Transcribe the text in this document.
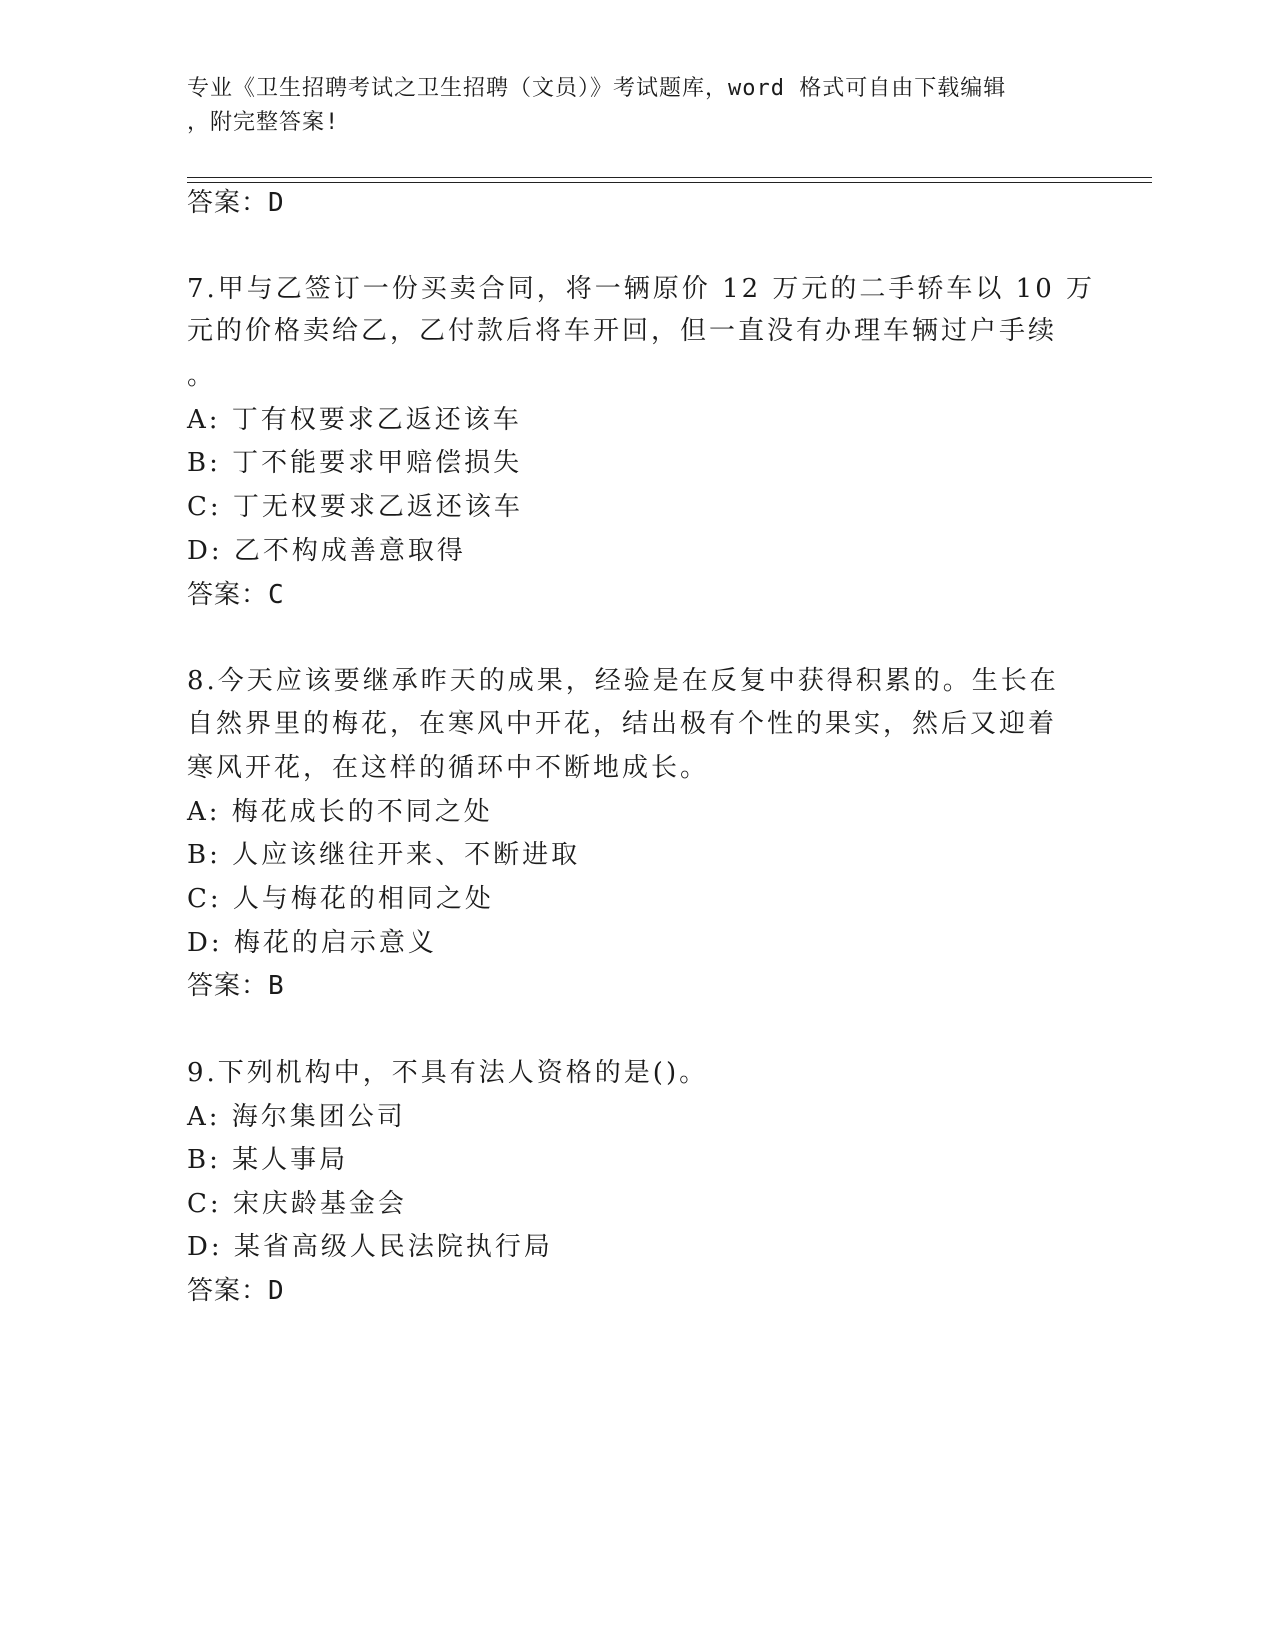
专业《卫生招聘考试之卫生招聘（文员）》考试题库，word 格式可自由下载编辑
，附完整答案!
答案：D
7.甲与乙签订一份买卖合同，将一辆原价 12 万元的二手轿车以 10 万
元的价格卖给乙，乙付款后将车开回，但一直没有办理车辆过户手续
。
A: 丁有权要求乙返还该车
B: 丁不能要求甲赔偿损失
C: 丁无权要求乙返还该车
D: 乙不构成善意取得
答案：C
8.今天应该要继承昨天的成果，经验是在反复中获得积累的。生长在
自然界里的梅花，在寒风中开花，结出极有个性的果实，然后又迎着
寒风开花，在这样的循环中不断地成长。
A: 梅花成长的不同之处
B: 人应该继往开来、不断进取
C: 人与梅花的相同之处
D: 梅花的启示意义
答案：B
9.下列机构中，不具有法人资格的是()。
A: 海尔集团公司
B: 某人事局
C: 宋庆龄基金会
D: 某省高级人民法院执行局
答案：D
